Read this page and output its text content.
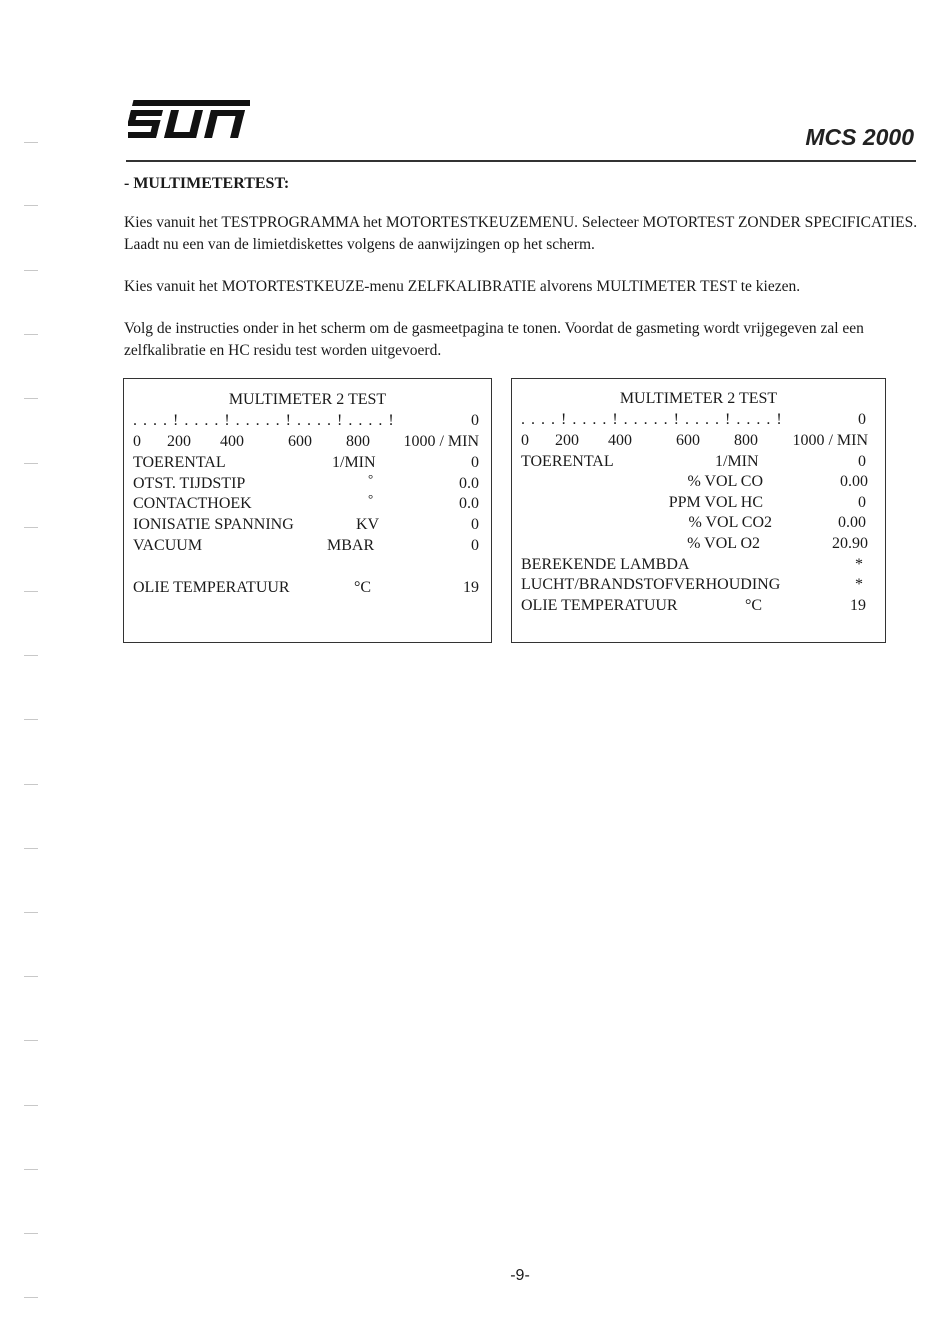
MCS 2000
- MULTIMETERTEST:

Kies vanuit het TESTPROGRAMMA het MOTORTESTKEUZEMENU. Selecteer MOTORTEST ZONDER SPECIFICATIES. Laadt nu een van de limietdiskettes volgens de aanwijzingen op het scherm.

Kies vanuit het MOTORTESTKEUZE-menu ZELFKALIBRATIE alvorens MULTIMETER TEST te kiezen.

Volg de instructies onder in het scherm om de gasmeetpagina te tonen. Voordat de gasmeting wordt vrijgegeven zal een zelfkalibratie en HC residu test worden uitgevoerd.

MULTIMETER 2 TEST
. . . . ! . . . . ! . . . . . ! . . . . ! . . . . !	0
0 200 400	600 800 1000 / MIN
TOERENTAL	1/MIN	0
OTST. TIJDSTIP	°	0.0
CONTACTHOEK	°	0.0
IONISATIE SPANNING	KV	0
VACUUM	MBAR	0
OLIE TEMPERATUUR	°C	19
MULTIMETER 2 TEST
. . . . ! . . . . ! . . . . . ! . . . . ! . . . . !	0
0 200 400	600 800 1000 / MIN
TOERENTAL	1/MIN	0
% VOL CO	0.00
PPM VOL HC	0
% VOL CO2	0.00
% VOL O2	20.90
BEREKENDE LAMBDA	*
LUCHT/BRANDSTOFVERHOUDING	*
OLIE TEMPERATUUR	°C	19
-9-
